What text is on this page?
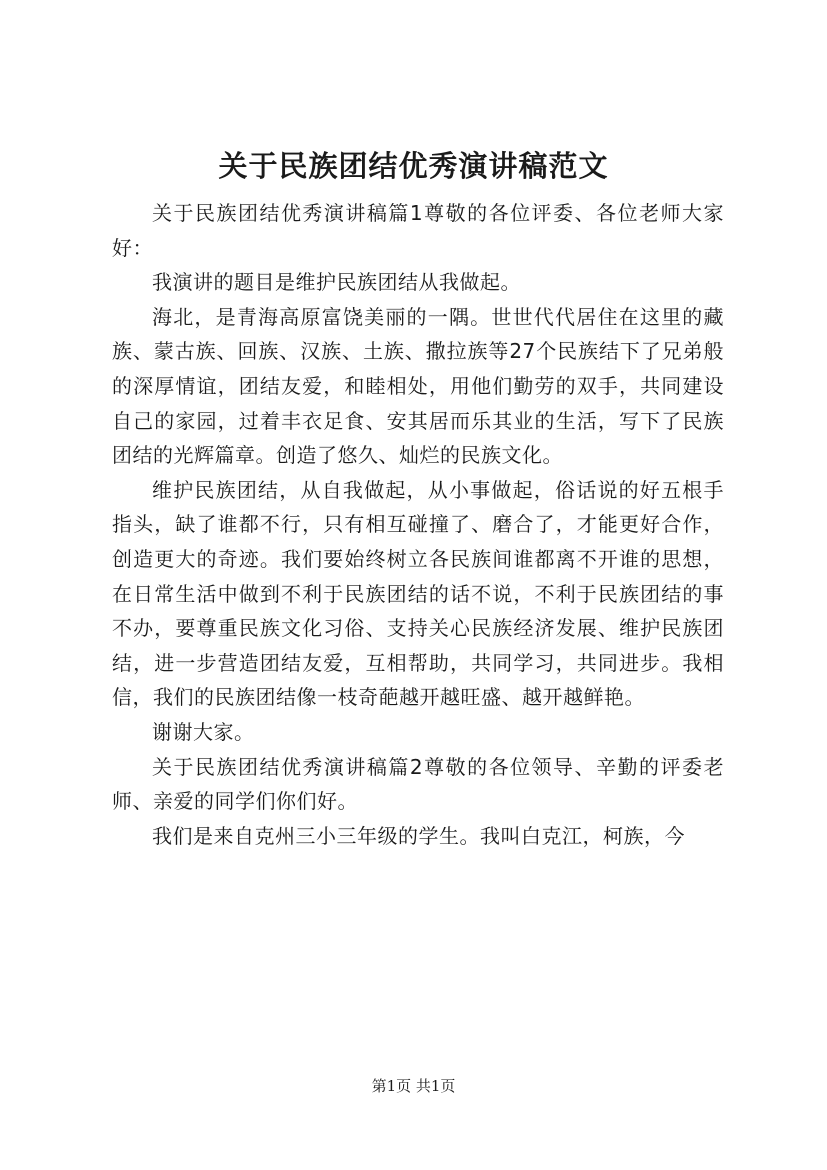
关于民族团结优秀演讲稿范文

关于民族团结优秀演讲稿篇1尊敬的各位评委、各位老师大家好：

我演讲的题目是维护民族团结从我做起。

海北，是青海高原富饶美丽的一隅。世世代代居住在这里的藏族、蒙古族、回族、汉族、土族、撒拉族等27个民族结下了兄弟般的深厚情谊，团结友爱，和睦相处，用他们勤劳的双手，共同建设自己的家园，过着丰衣足食、安其居而乐其业的生活，写下了民族团结的光辉篇章。创造了悠久、灿烂的民族文化。

维护民族团结，从自我做起，从小事做起，俗话说的好五根手指头，缺了谁都不行，只有相互碰撞了、磨合了，才能更好合作，创造更大的奇迹。我们要始终树立各民族间谁都离不开谁的思想，在日常生活中做到不利于民族团结的话不说，不利于民族团结的事不办，要尊重民族文化习俗、支持关心民族经济发展、维护民族团结，进一步营造团结友爱，互相帮助，共同学习，共同进步。我相信，我们的民族团结像一枝奇葩越开越旺盛、越开越鲜艳。

谢谢大家。

关于民族团结优秀演讲稿篇2尊敬的各位领导、辛勤的评委老师、亲爱的同学们你们好。

我们是来自克州三小三年级的学生。我叫白克江，柯族，今

第1页 共1页
